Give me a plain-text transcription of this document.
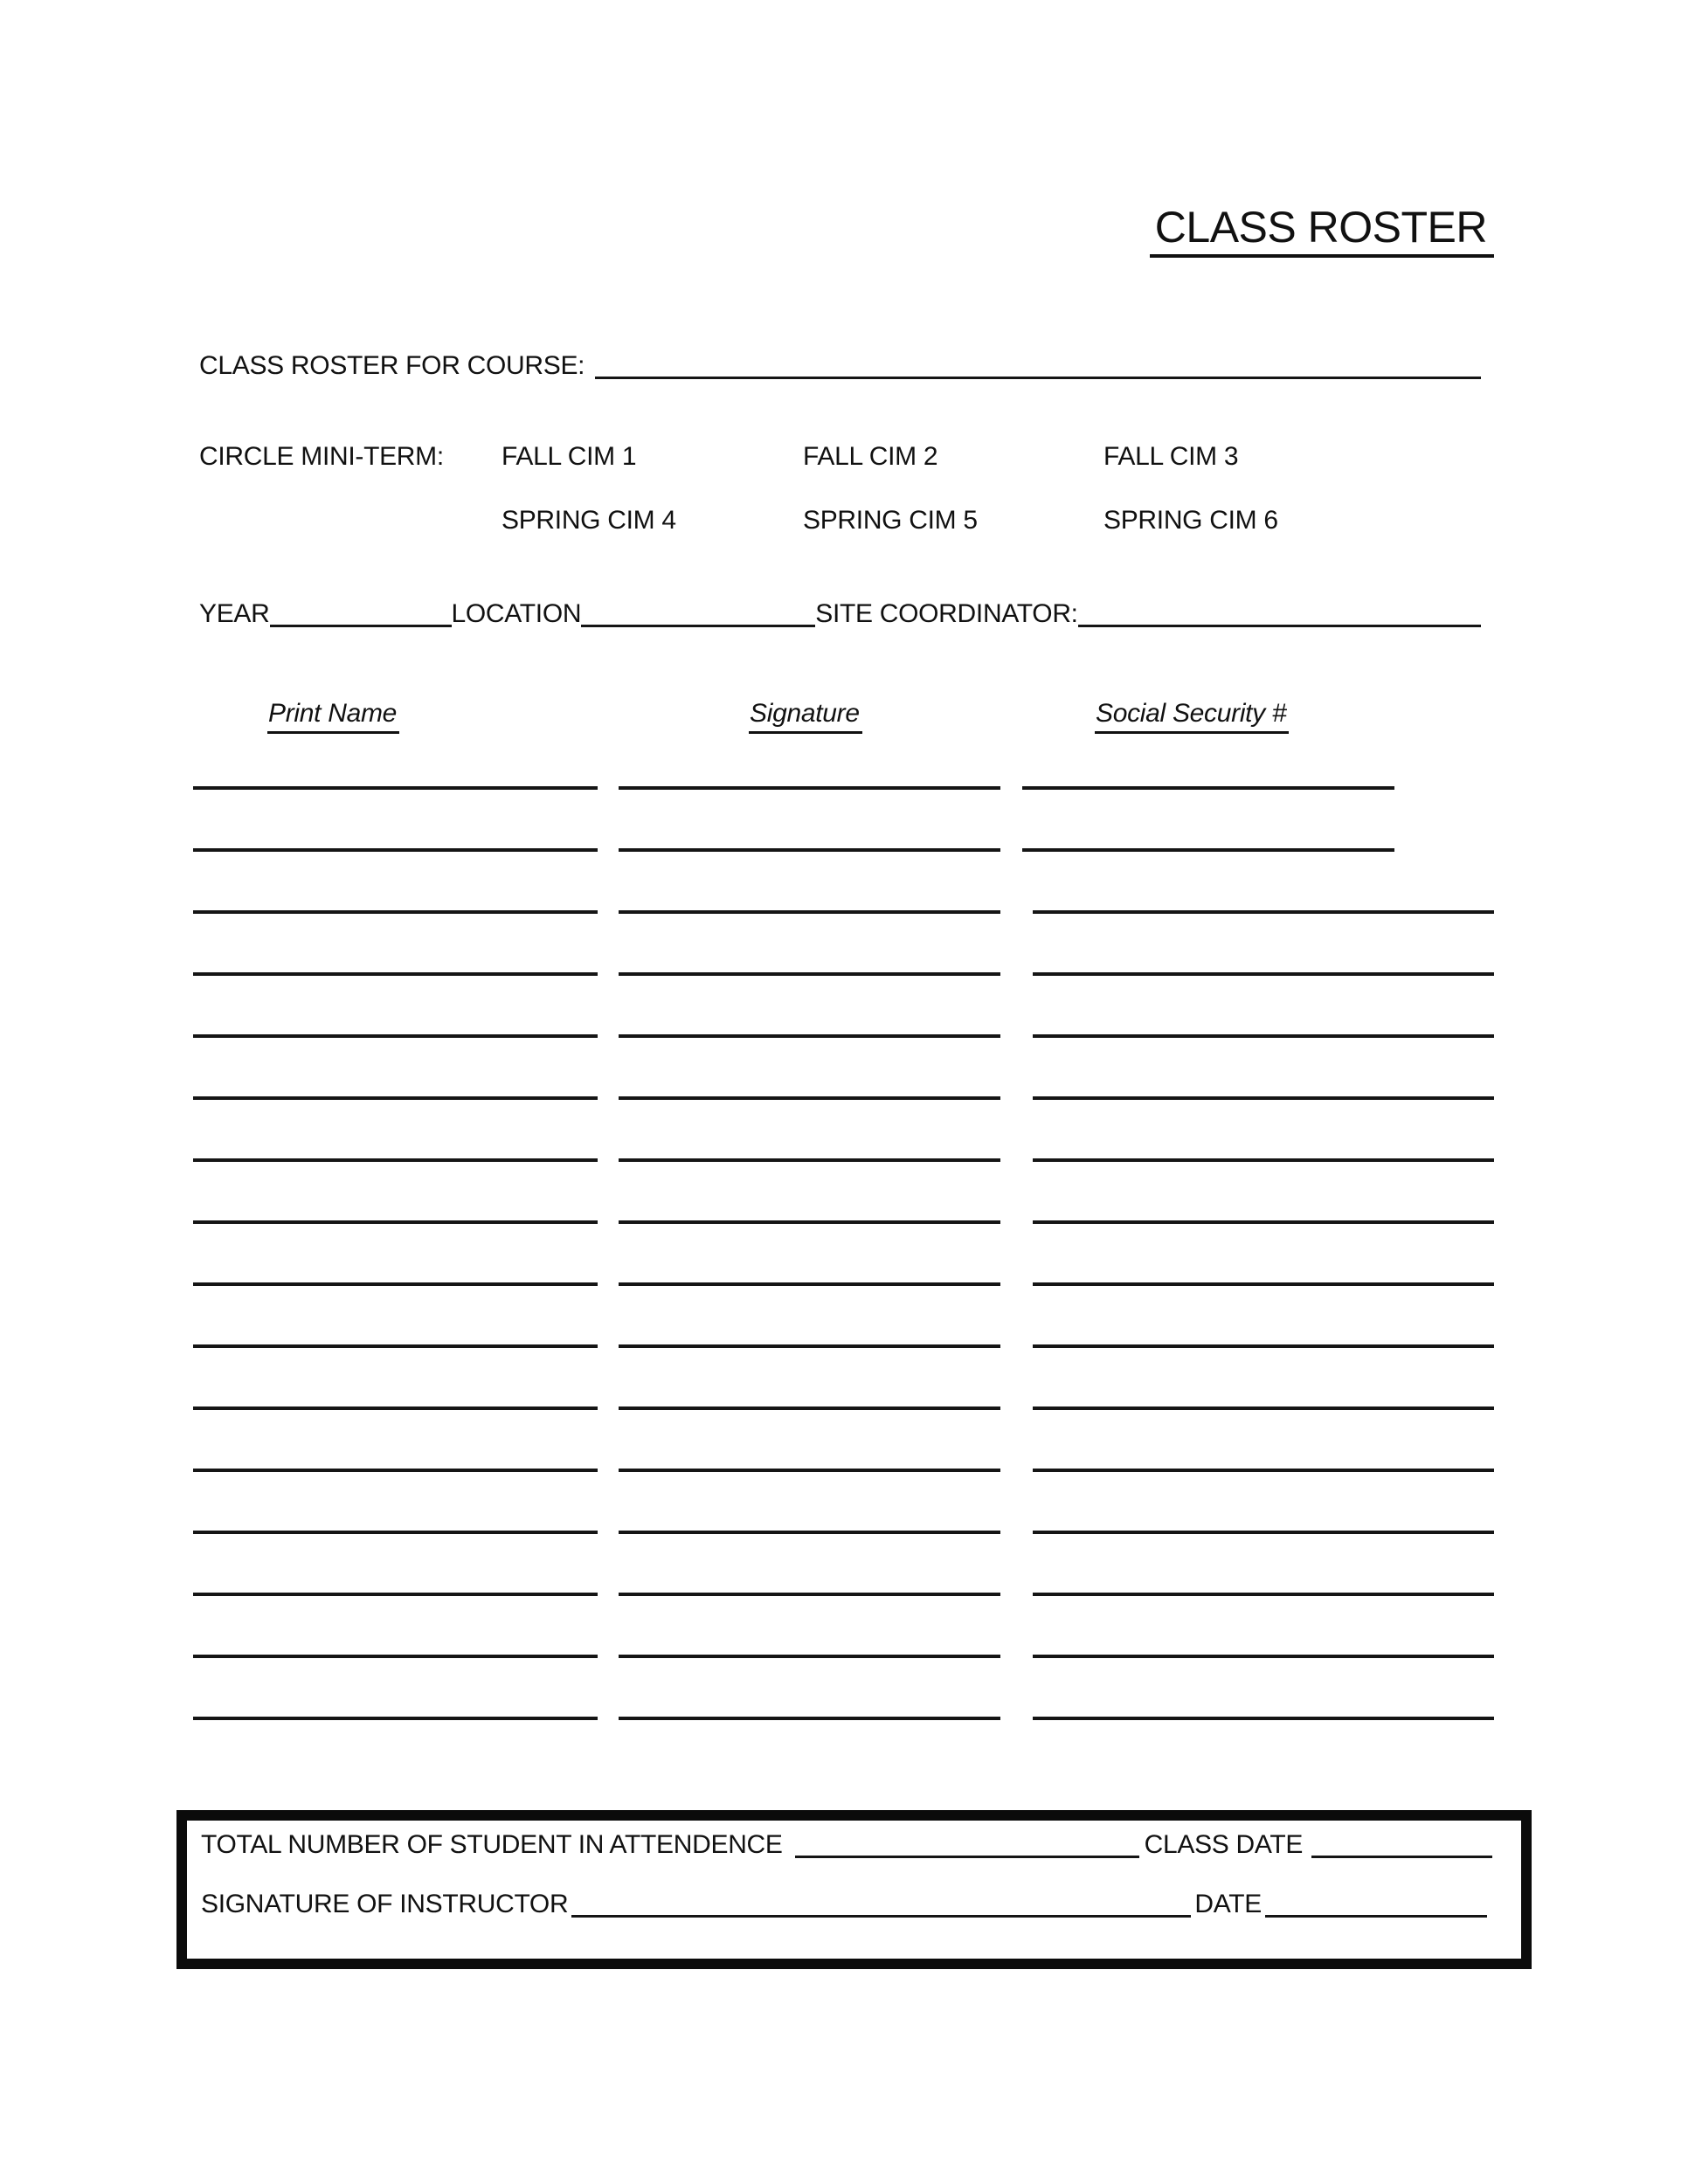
CLASS ROSTER
CLASS ROSTER FOR COURSE:
CIRCLE MINI-TERM:	FALL CIM 1	FALL CIM 2	FALL CIM 3
SPRING CIM 4	SPRING CIM 5	SPRING CIM 6
YEAR	LOCATION	SITE COORDINATOR:
Print Name	Signature	Social Security #
TOTAL NUMBER OF STUDENT IN ATTENDENCE	CLASS DATE
SIGNATURE OF INSTRUCTOR	DATE
